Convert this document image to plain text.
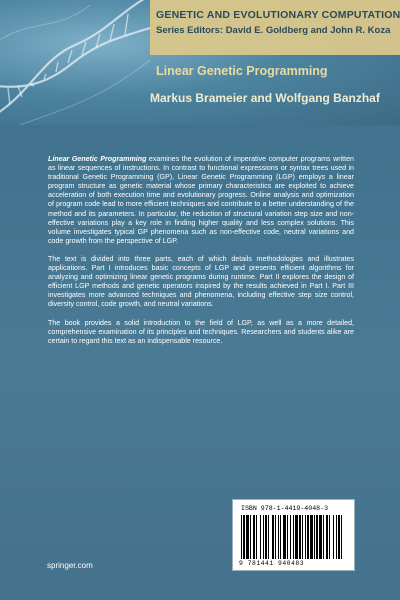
GENETIC AND EVOLUTIONARY COMPUTATION
Series Editors: David E. Goldberg and John R. Koza
Linear Genetic Programming
Markus Brameier and Wolfgang Banzhaf

Linear Genetic Programming examines the evolution of imperative computer programs written as linear sequences of instructions. In contrast to functional expressions or syntax trees used in traditional Genetic Programming (GP), Linear Genetic Programming (LGP) employs a linear program structure as genetic material whose primary characteristics are exploited to achieve acceleration of both execution time and evolutionary progress. Online analysis and optimization of program code lead to more efficient techniques and contribute to a better understanding of the method and its parameters. In particular, the reduction of structural variation step size and non-effective variations play a key role in finding higher quality and less complex solutions. This volume investigates typical GP phenomena such as non-effective code, neutral variations and code growth from the perspective of LGP.

The text is divided into three parts, each of which details methodologies and illustrates applications. Part I introduces basic concepts of LGP and presents efficient algorithms for analyzing and optimizing linear genetic programs during runtime. Part II explores the design of efficient LGP methods and genetic operators inspired by the results achieved in Part I. Part III investigates more advanced techniques and phenomena, including effective step size control, diversity control, code growth, and neutral variations.

The book provides a solid introduction to the field of LGP, as well as a more detailed, comprehensive examination of its principles and techniques. Researchers and students alike are certain to regard this text as an indispensable resource.

ISBN 978-1-4419-4048-3
9 781441 940483
springer.com
